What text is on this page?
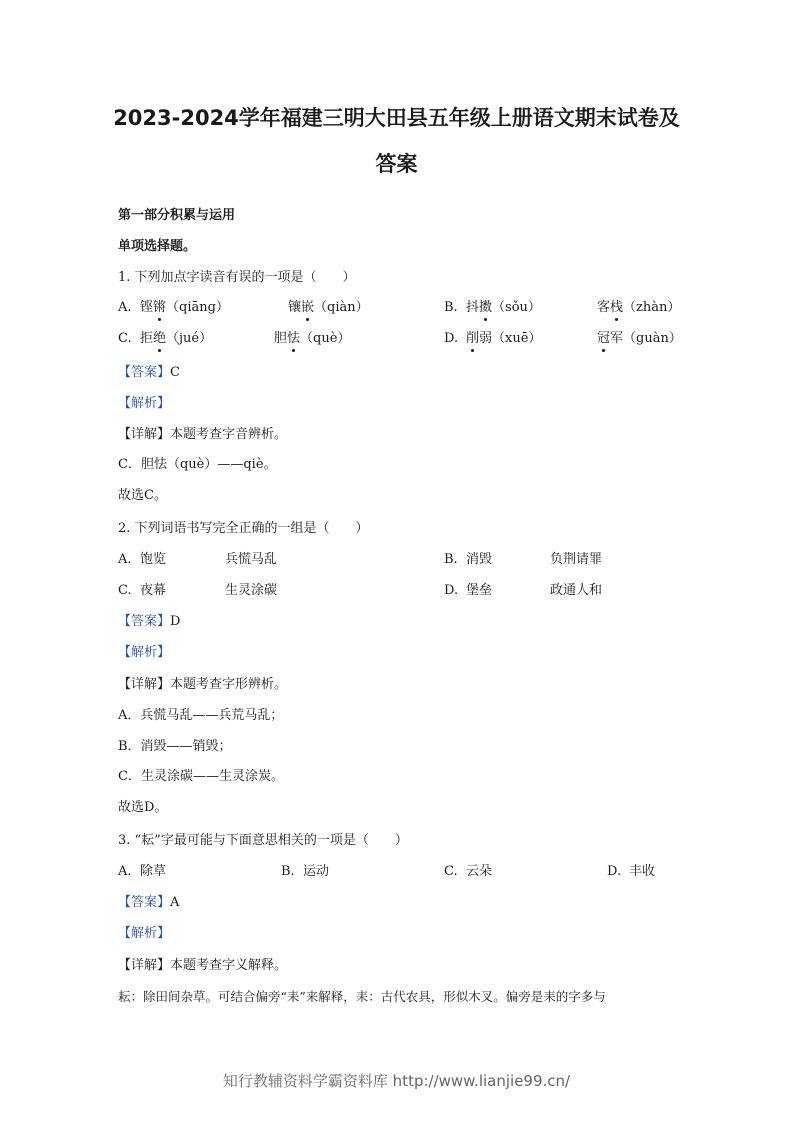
2023-2024学年福建三明大田县五年级上册语文期末试卷及
答案
第一部分积累与运用
单项选择题。
1. 下列加点字读音有误的一项是（　　）
A. 铿锵（qiāng）	镶嵌（qiàn）	B. 抖擞（sǒu）	客栈（zhàn）
C. 拒绝（jué）	胆怯（què）	D. 削弱（xuē）	冠军（guàn）
【答案】C
【解析】
【详解】本题考查字音辨析。
C．胆怯（què）——qiè。
故选C。
2. 下列词语书写完全正确的一组是（　　）
A. 饱览	兵慌马乱	B. 消毁	负荆请罪
C. 夜幕	生灵涂碳	D. 堡垒	政通人和
【答案】D
【解析】
【详解】本题考查字形辨析。
A．兵慌马乱——兵荒马乱；
B．消毁——销毁；
C．生灵涂碳——生灵涂炭。
故选D。
3. “耘”字最可能与下面意思相关的一项是（　　）
A. 除草	B. 运动	C. 云朵	D. 丰收
【答案】A
【解析】
【详解】本题考查字义解释。
耘：除田间杂草。可结合偏旁“耒”来解释，耒：古代农具，形似木叉。偏旁是耒的字多与
知行教辅资料学霸资料库 http://www.lianjie99.cn/
